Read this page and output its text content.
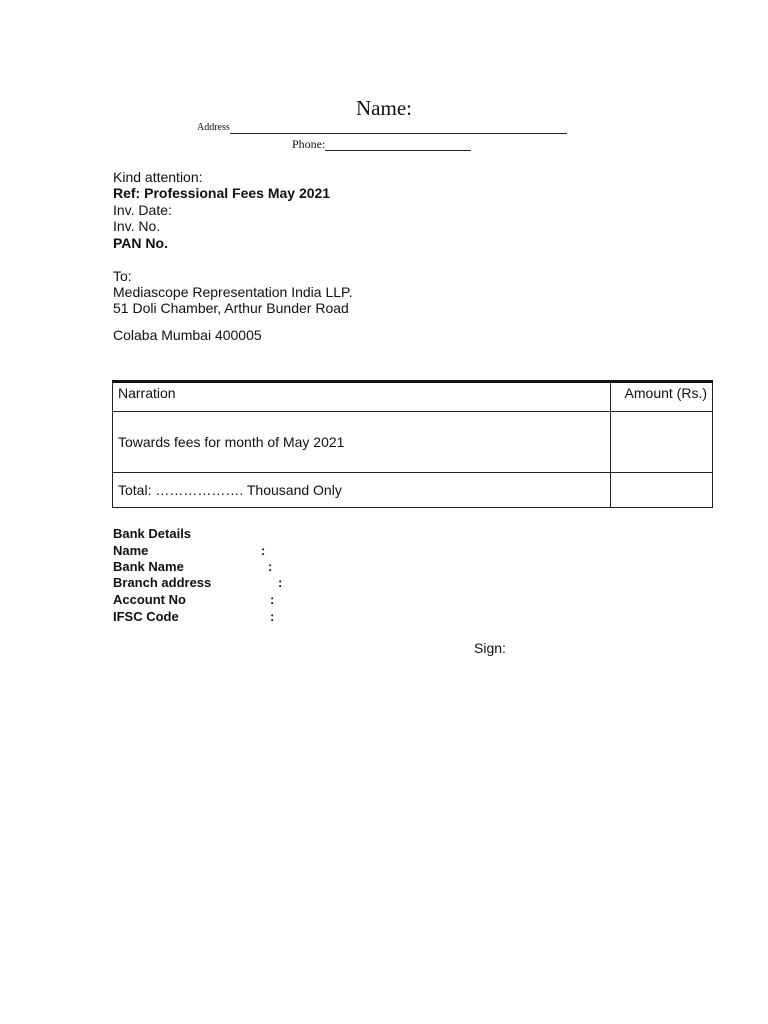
Name:
Address
Phone:
Kind attention:
Ref: Professional Fees May 2021
Inv. Date:
Inv. No.
PAN No.
To:
Mediascope Representation India LLP.
51 Doli Chamber, Arthur Bunder Road
Colaba Mumbai 400005
Narration	Amount (Rs.)
Towards fees for month of May 2021	
Total: ………………. Thousand Only	
Bank Details
Name	:
Bank Name	:
Branch address	:
Account No	:
IFSC Code	:
Sign:
